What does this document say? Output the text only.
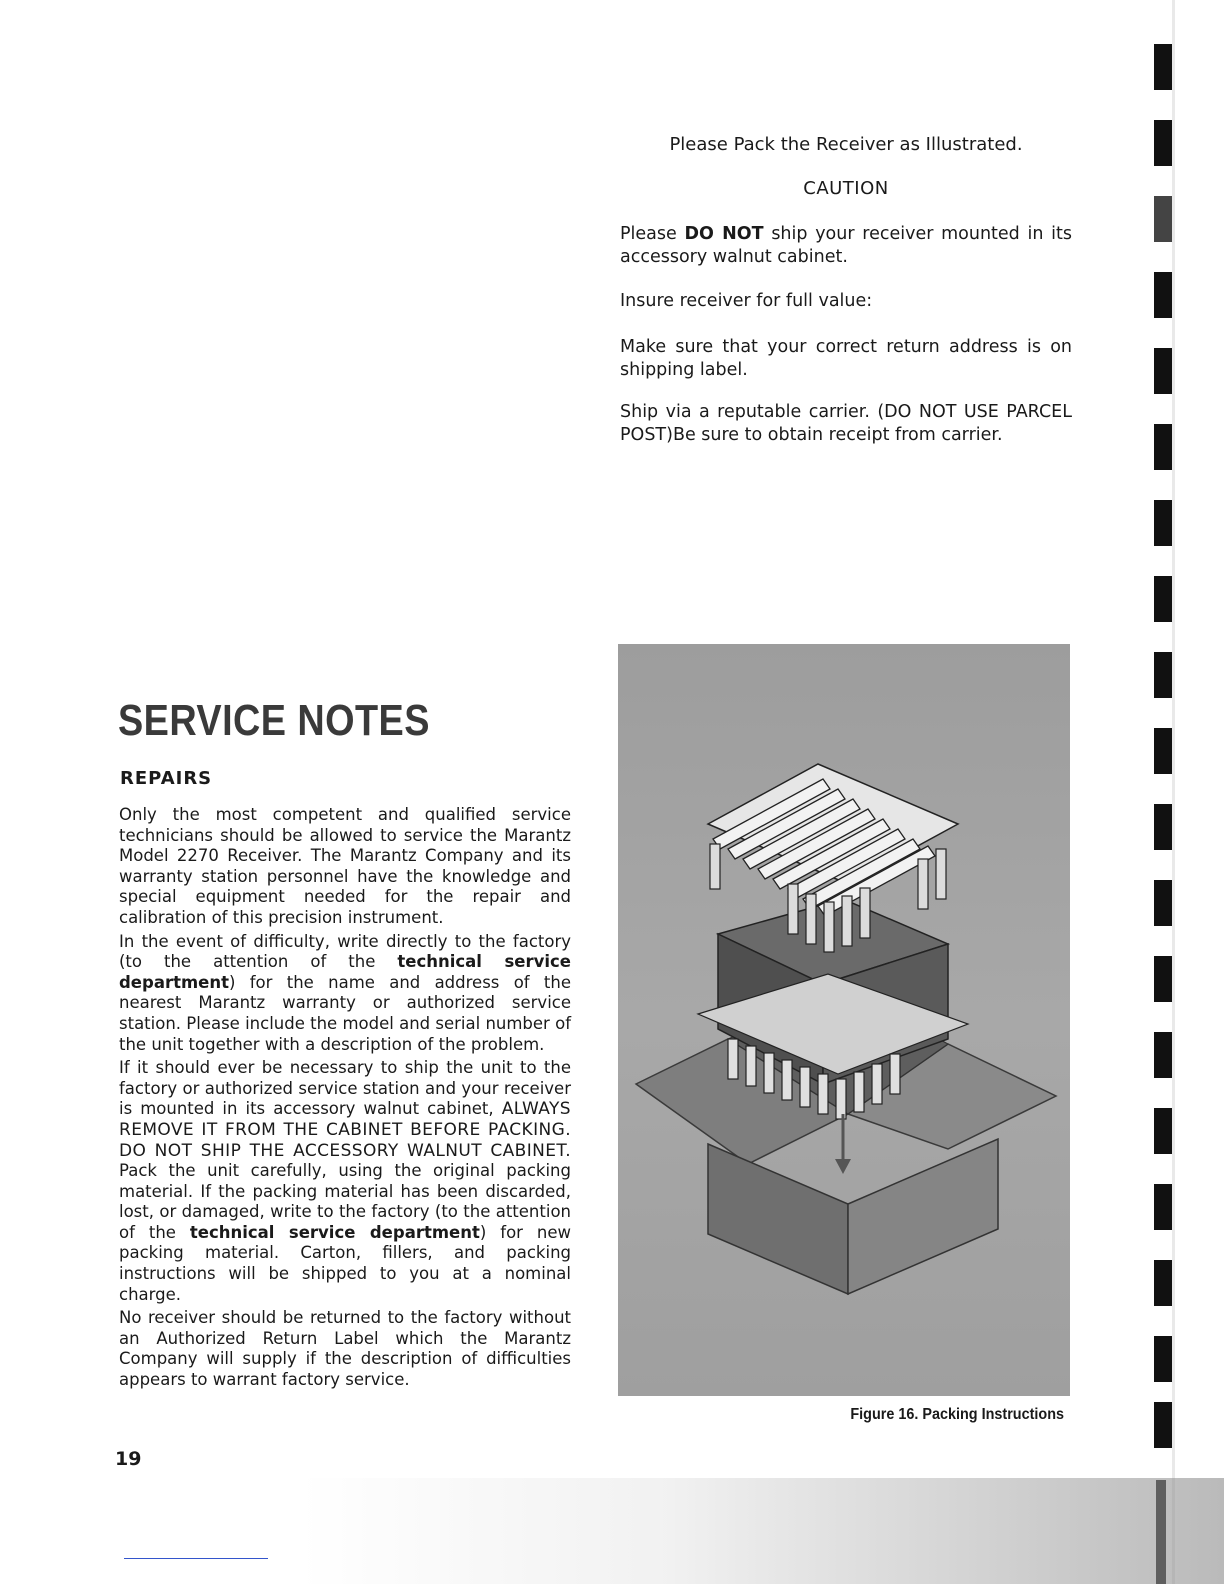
Please Pack the Receiver as Illustrated.
CAUTION

Please DO NOT ship your receiver mounted in its accessory walnut cabinet.

Insure receiver for full value:

Make sure that your correct return address is on shipping label.

Ship via a reputable carrier. (DO NOT USE PARCEL POST)Be sure to obtain receipt from carrier.

SERVICE NOTES
REPAIRS

Only the most competent and qualified service technicians should be allowed to service the Marantz Model 2270 Receiver. The Marantz Company and its warranty station personnel have the knowledge and special equipment needed for the repair and calibration of this precision instrument.

In the event of difficulty, write directly to the factory (to the attention of the technical service department) for the name and address of the nearest Marantz warranty or authorized service station. Please include the model and serial number of the unit together with a description of the problem.

If it should ever be necessary to ship the unit to the factory or authorized service station and your receiver is mounted in its accessory walnut cabinet, ALWAYS REMOVE IT FROM THE CABINET BEFORE PACKING. DO NOT SHIP THE ACCESSORY WALNUT CABINET. Pack the unit carefully, using the original packing material. If the packing material has been discarded, lost, or damaged, write to the factory (to the attention of the technical service department) for new packing material. Carton, fillers, and packing instructions will be shipped to you at a nominal charge.

No receiver should be returned to the factory without an Authorized Return Label which the Marantz Company will supply if the description of difficulties appears to warrant factory service.

Figure 16. Packing Instructions
19
